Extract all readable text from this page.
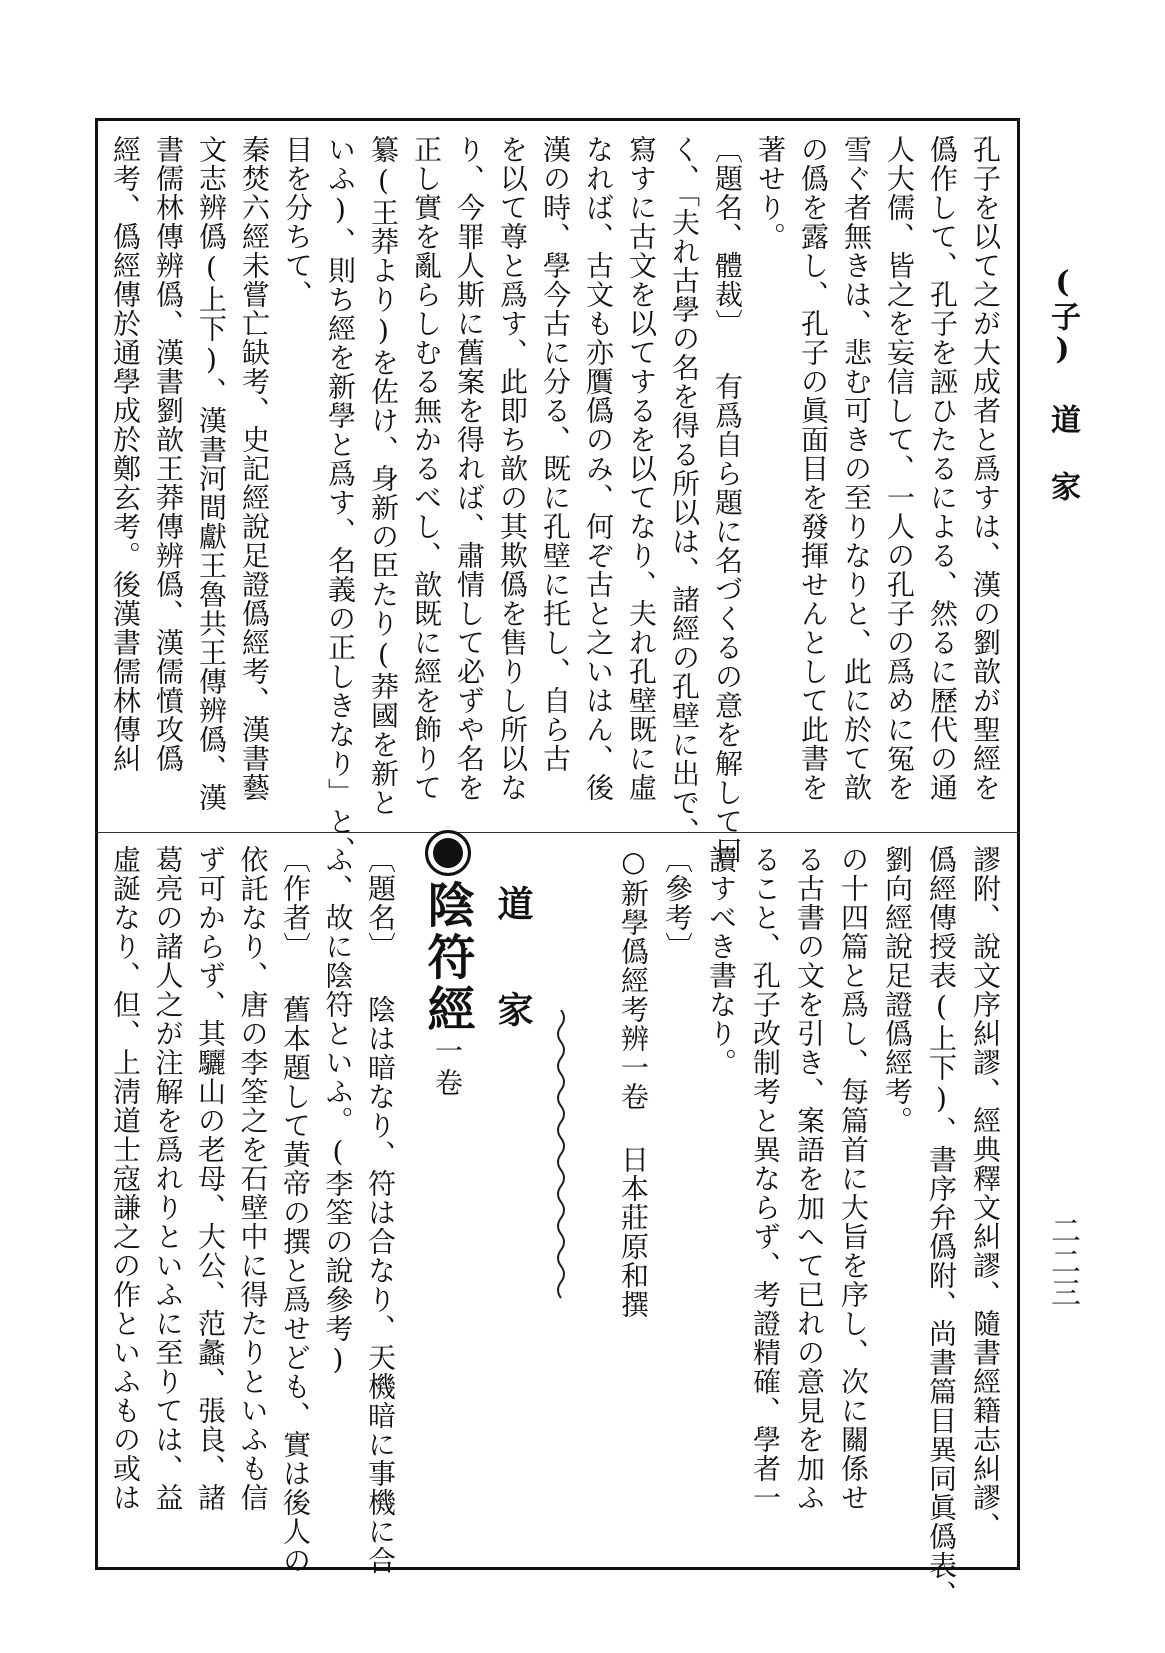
(子) 道 家
二二三
孔子を以て之が大成者と爲すは、漢の劉歆が聖經を
僞作して、孔子を誣ひたるによる、然るに歷代の通
人大儒、皆之を妄信して、一人の孔子の爲めに冤を
雪ぐ者無きは、悲む可きの至りなりと、此に於て歆
の僞を露し、孔子の眞面目を發揮せんとして此書を
著せり。
〔題名、體裁〕 有爲自ら題に名づくるの意を解して曰
く、「夫れ古學の名を得る所以は、諸經の孔壁に出で、
寫すに古文を以てするを以てなり、夫れ孔壁既に虛
なれば、古文も亦贋僞のみ、何ぞ古と之いはん、後
漢の時、學今古に分る、既に孔壁に托し、自ら古
を以て尊と爲す、此即ち歆の其欺僞を售りし所以な
り、今罪人斯に舊案を得れば、肅情して必ずや名を
正し實を亂らしむる無かるべし、歆既に經を飾りて
纂(王莽より)を佐け、身新の臣たり(莽國を新と
いふ)、則ち經を新學と爲す、名義の正しきなり」と、
目を分ちて、
秦焚六經未嘗亡缺考、史記經說足證僞經考、漢書藝
文志辨僞(上下)、漢書河間獻王魯共王傳辨僞、漢
書儒林傳辨僞、漢書劉歆王莽傳辨僞、漢儒憤攻僞
經考、僞經傳於通學成於鄭玄考。後漢書儒林傳糾
謬附、說文序糾謬、經典釋文糾謬、隨書經籍志糾謬、
僞經傳授表(上下)、書序弁僞附、尚書篇目異同眞僞表、
劉向經說足證僞經考。
の十四篇と爲し、每篇首に大旨を序し、次に關係せ
る古書の文を引き、案語を加へて已れの意見を加ふ
ること、孔子改制考と異ならず、考證精確、學者一
讀すべき書なり。
〔參考〕
○新學僞經考辨一卷 日本莊原和撰
道 家
陰符經一卷
〔題名〕 陰は暗なり、符は合なり、天機暗に事機に合
ふ、故に陰符といふ。(李筌の說參考)
〔作者〕 舊本題して黃帝の撰と爲せども、實は後人の
依託なり、唐の李筌之を石壁中に得たりといふも信
ず可からず、其驪山の老母、大公、范蠡、張良、諸
葛亮の諸人之が注解を爲れりといふに至りては、益
虛誕なり、但、上淸道士寇謙之の作といふもの或は
